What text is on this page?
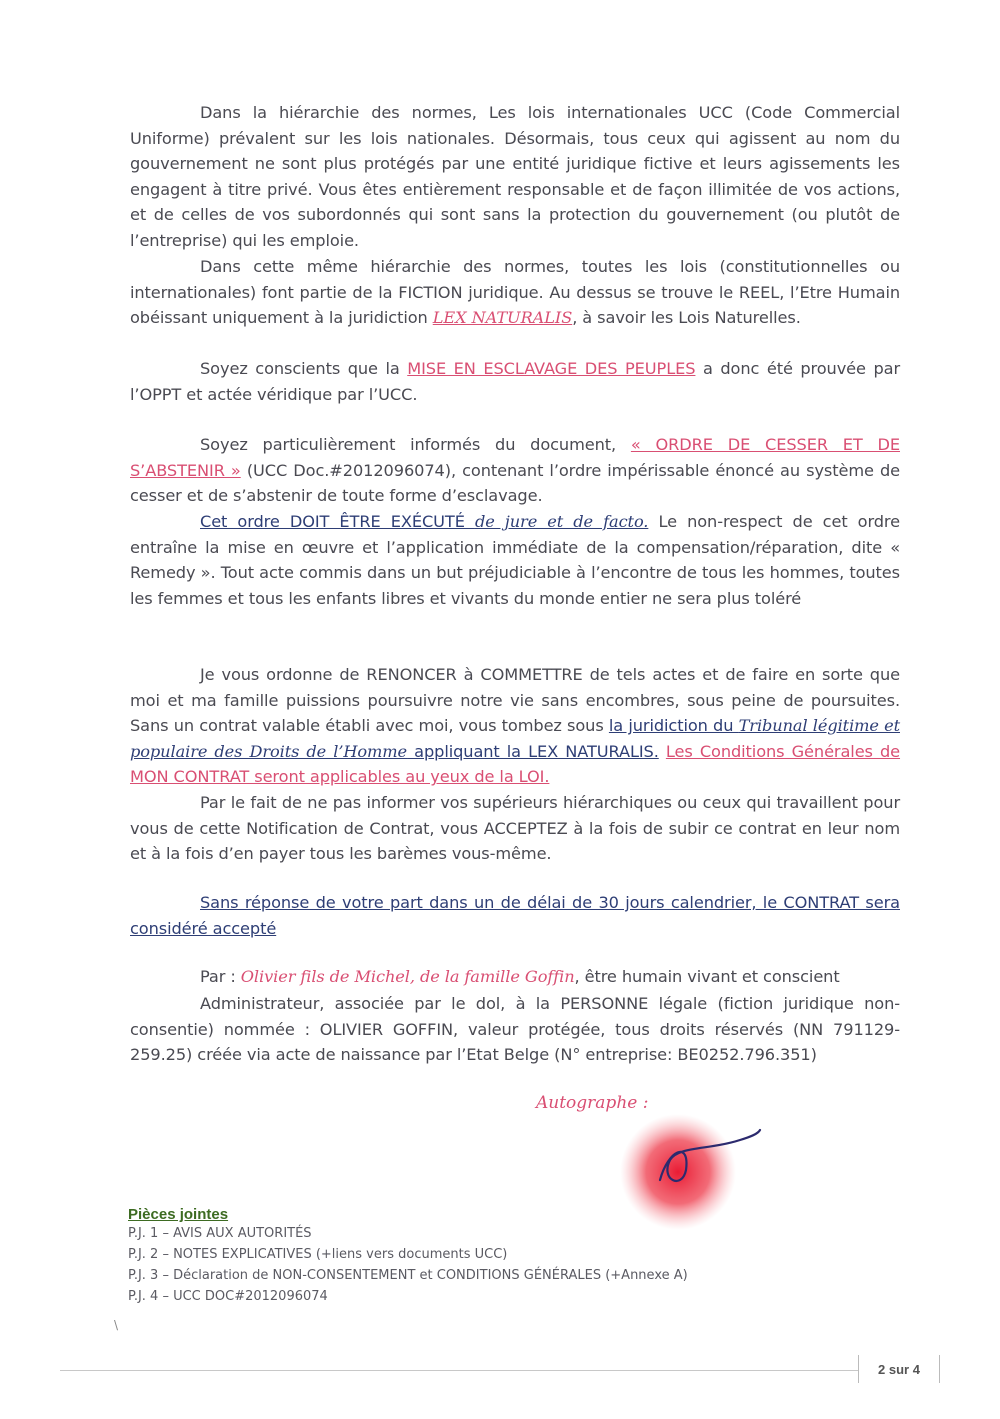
Dans la hiérarchie des normes, Les lois internationales UCC (Code Commercial Uniforme) prévalent sur les lois nationales. Désormais, tous ceux qui agissent au nom du gouvernement ne sont plus protégés par une entité juridique fictive et leurs agissements les engagent à titre privé. Vous êtes entièrement responsable et de façon illimitée de vos actions, et de celles de vos subordonnés qui sont sans la protection du gouvernement (ou plutôt de l’entreprise) qui les emploie.
Dans cette même hiérarchie des normes, toutes les lois (constitutionnelles ou internationales) font partie de la FICTION juridique. Au dessus se trouve le REEL, l’Etre Humain obéissant uniquement à la juridiction LEX NATURALIS, à savoir les Lois Naturelles.
Soyez conscients que la MISE EN ESCLAVAGE DES PEUPLES a donc été prouvée par l’OPPT et actée véridique par l’UCC.
Soyez particulièrement informés du document, « ORDRE DE CESSER ET DE S’ABSTENIR » (UCC Doc.#2012096074), contenant l’ordre impérissable énoncé au système de cesser et de s’abstenir de toute forme d’esclavage.
Cet ordre DOIT ÊTRE EXÉCUTÉ de jure et de facto. Le non-respect de cet ordre entraîne la mise en œuvre et l’application immédiate de la compensation/réparation, dite « Remedy ». Tout acte commis dans un but préjudiciable à l’encontre de tous les hommes, toutes les femmes et tous les enfants libres et vivants du monde entier ne sera plus toléré
Je vous ordonne de RENONCER à COMMETTRE de tels actes et de faire en sorte que moi et ma famille puissions poursuivre notre vie sans encombres, sous peine de poursuites. Sans un contrat valable établi avec moi, vous tombez sous la juridiction du Tribunal légitime et populaire des Droits de l’Homme appliquant la LEX NATURALIS. Les Conditions Générales de MON CONTRAT seront applicables au yeux de la LOI.
Par le fait de ne pas informer vos supérieurs hiérarchiques ou ceux qui travaillent pour vous de cette Notification de Contrat, vous ACCEPTEZ à la fois de subir ce contrat en leur nom et à la fois d’en payer tous les barèmes vous-même.
Sans réponse de votre part dans un de délai de 30 jours calendrier, le CONTRAT sera considéré accepté
Par : Olivier fils de Michel, de la famille Goffin, être humain vivant et conscient
Administrateur, associée par le dol, à la PERSONNE légale (fiction juridique non-consentie) nommée : OLIVIER GOFFIN, valeur protégée, tous droits réservés (NN 791129-259.25) créée via acte de naissance par l’Etat Belge (N° entreprise: BE0252.796.351)
Autographe :
Pièces jointes
P.J. 1 – AVIS AUX AUTORITÉS
P.J. 2 – NOTES EXPLICATIVES (+liens vers documents UCC)
P.J. 3 – Déclaration de NON-CONSENTEMENT et CONDITIONS GÉNÉRALES (+Annexe A)
P.J. 4 – UCC DOC#2012096074
\
2 sur 4
